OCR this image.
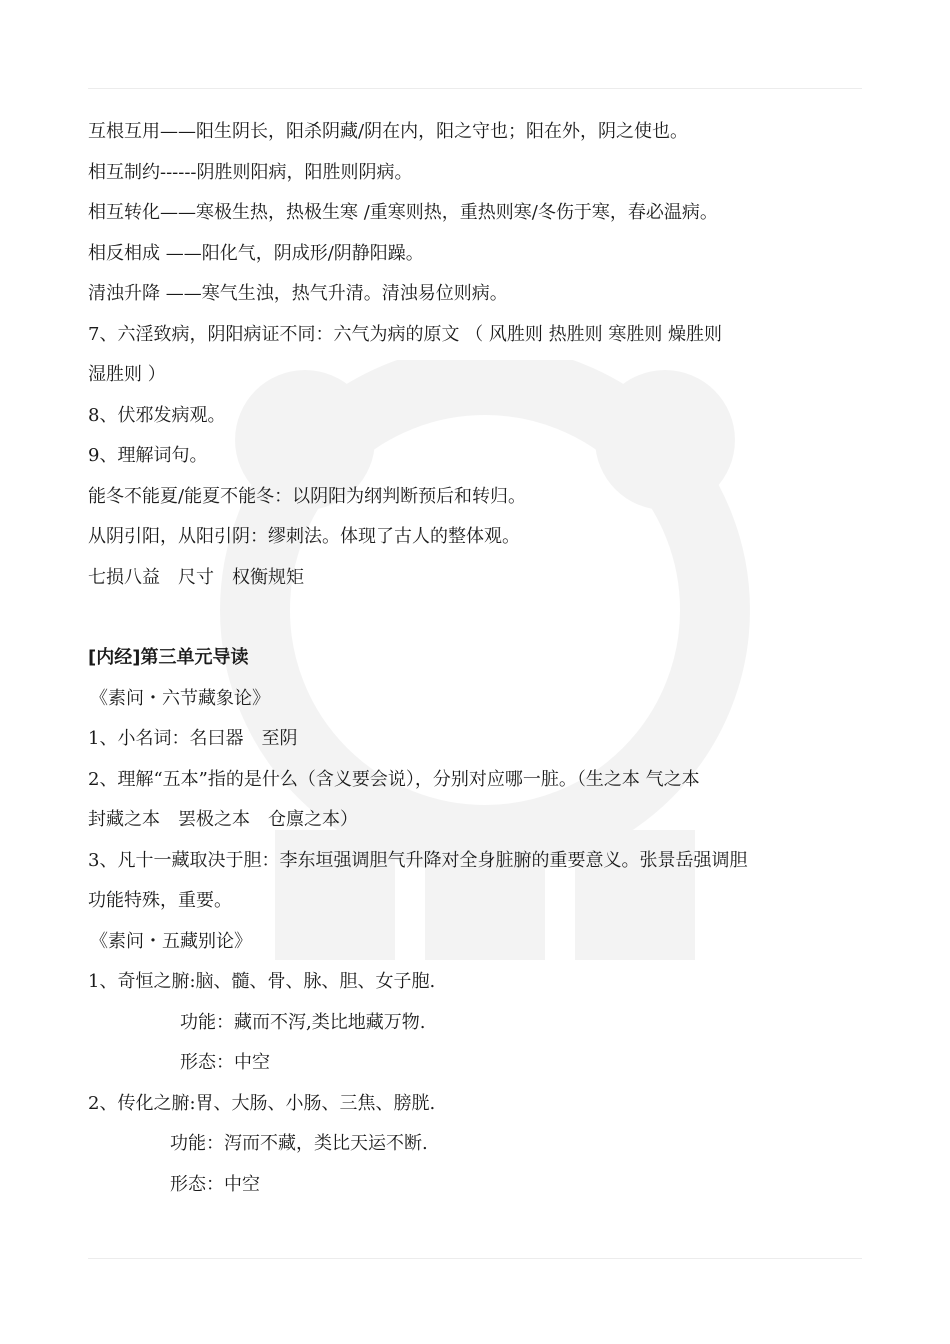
互根互用——阳生阴长，阳杀阴藏/阴在内，阳之守也；阳在外，阴之使也。
相互制约------阴胜则阳病，阳胜则阴病。
相互转化——寒极生热，热极生寒 /重寒则热，重热则寒/冬伤于寒，春必温病。
相反相成 ——阳化气，阴成形/阴静阳躁。
清浊升降 ——寒气生浊，热气升清。清浊易位则病。
7、六淫致病，阴阳病证不同：六气为病的原文 （ 风胜则 热胜则 寒胜则 燥胜则
湿胜则 ）
8、伏邪发病观。
9、理解词句。
能冬不能夏/能夏不能冬：以阴阳为纲判断预后和转归。
从阴引阳，从阳引阴：缪刺法。体现了古人的整体观。
七损八益　尺寸　权衡规矩
[内经]第三单元导读
《素问・六节藏象论》
1、小名词：名曰器　至阴
2、理解“五本”指的是什么（含义要会说），分别对应哪一脏。（生之本 气之本
封藏之本　罢极之本　仓廪之本）
3、凡十一藏取决于胆：李东垣强调胆气升降对全身脏腑的重要意义。张景岳强调胆
功能特殊，重要。
《素问・五藏别论》
1、奇恒之腑:脑、髓、骨、脉、胆、女子胞.
功能：藏而不泻,类比地藏万物.
形态：中空
2、传化之腑:胃、大肠、小肠、三焦、膀胱.
功能：泻而不藏，类比天运不断.
形态：中空
